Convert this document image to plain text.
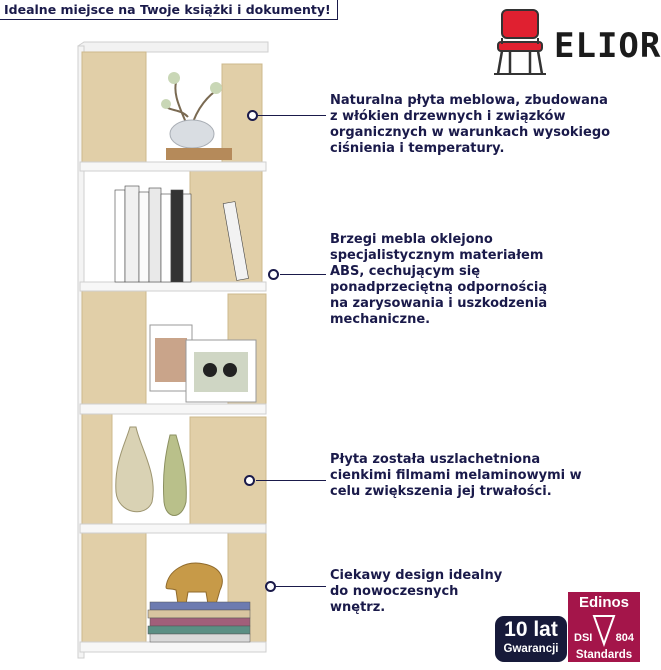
Idealne miejsce na Twoje książki i dokumenty!
ELIOR
Naturalna płyta meblowa, zbudowana
z włókien drzewnych i związków
organicznych w warunkach wysokiego
ciśnienia i temperatury.
Brzegi mebla oklejono
specjalistycznym materiałem
ABS, cechującym się
ponadprzeciętną odpornością
na zarysowania i uszkodzenia
mechaniczne.
Płyta została uszlachetniona
cienkimi filmami melaminowymi w
celu zwiększenia jej trwałości.
Ciekawy design idealny
do nowoczesnych
wnętrz.
10 lat
Gwarancji
Edinos
DSI 804
Standards
